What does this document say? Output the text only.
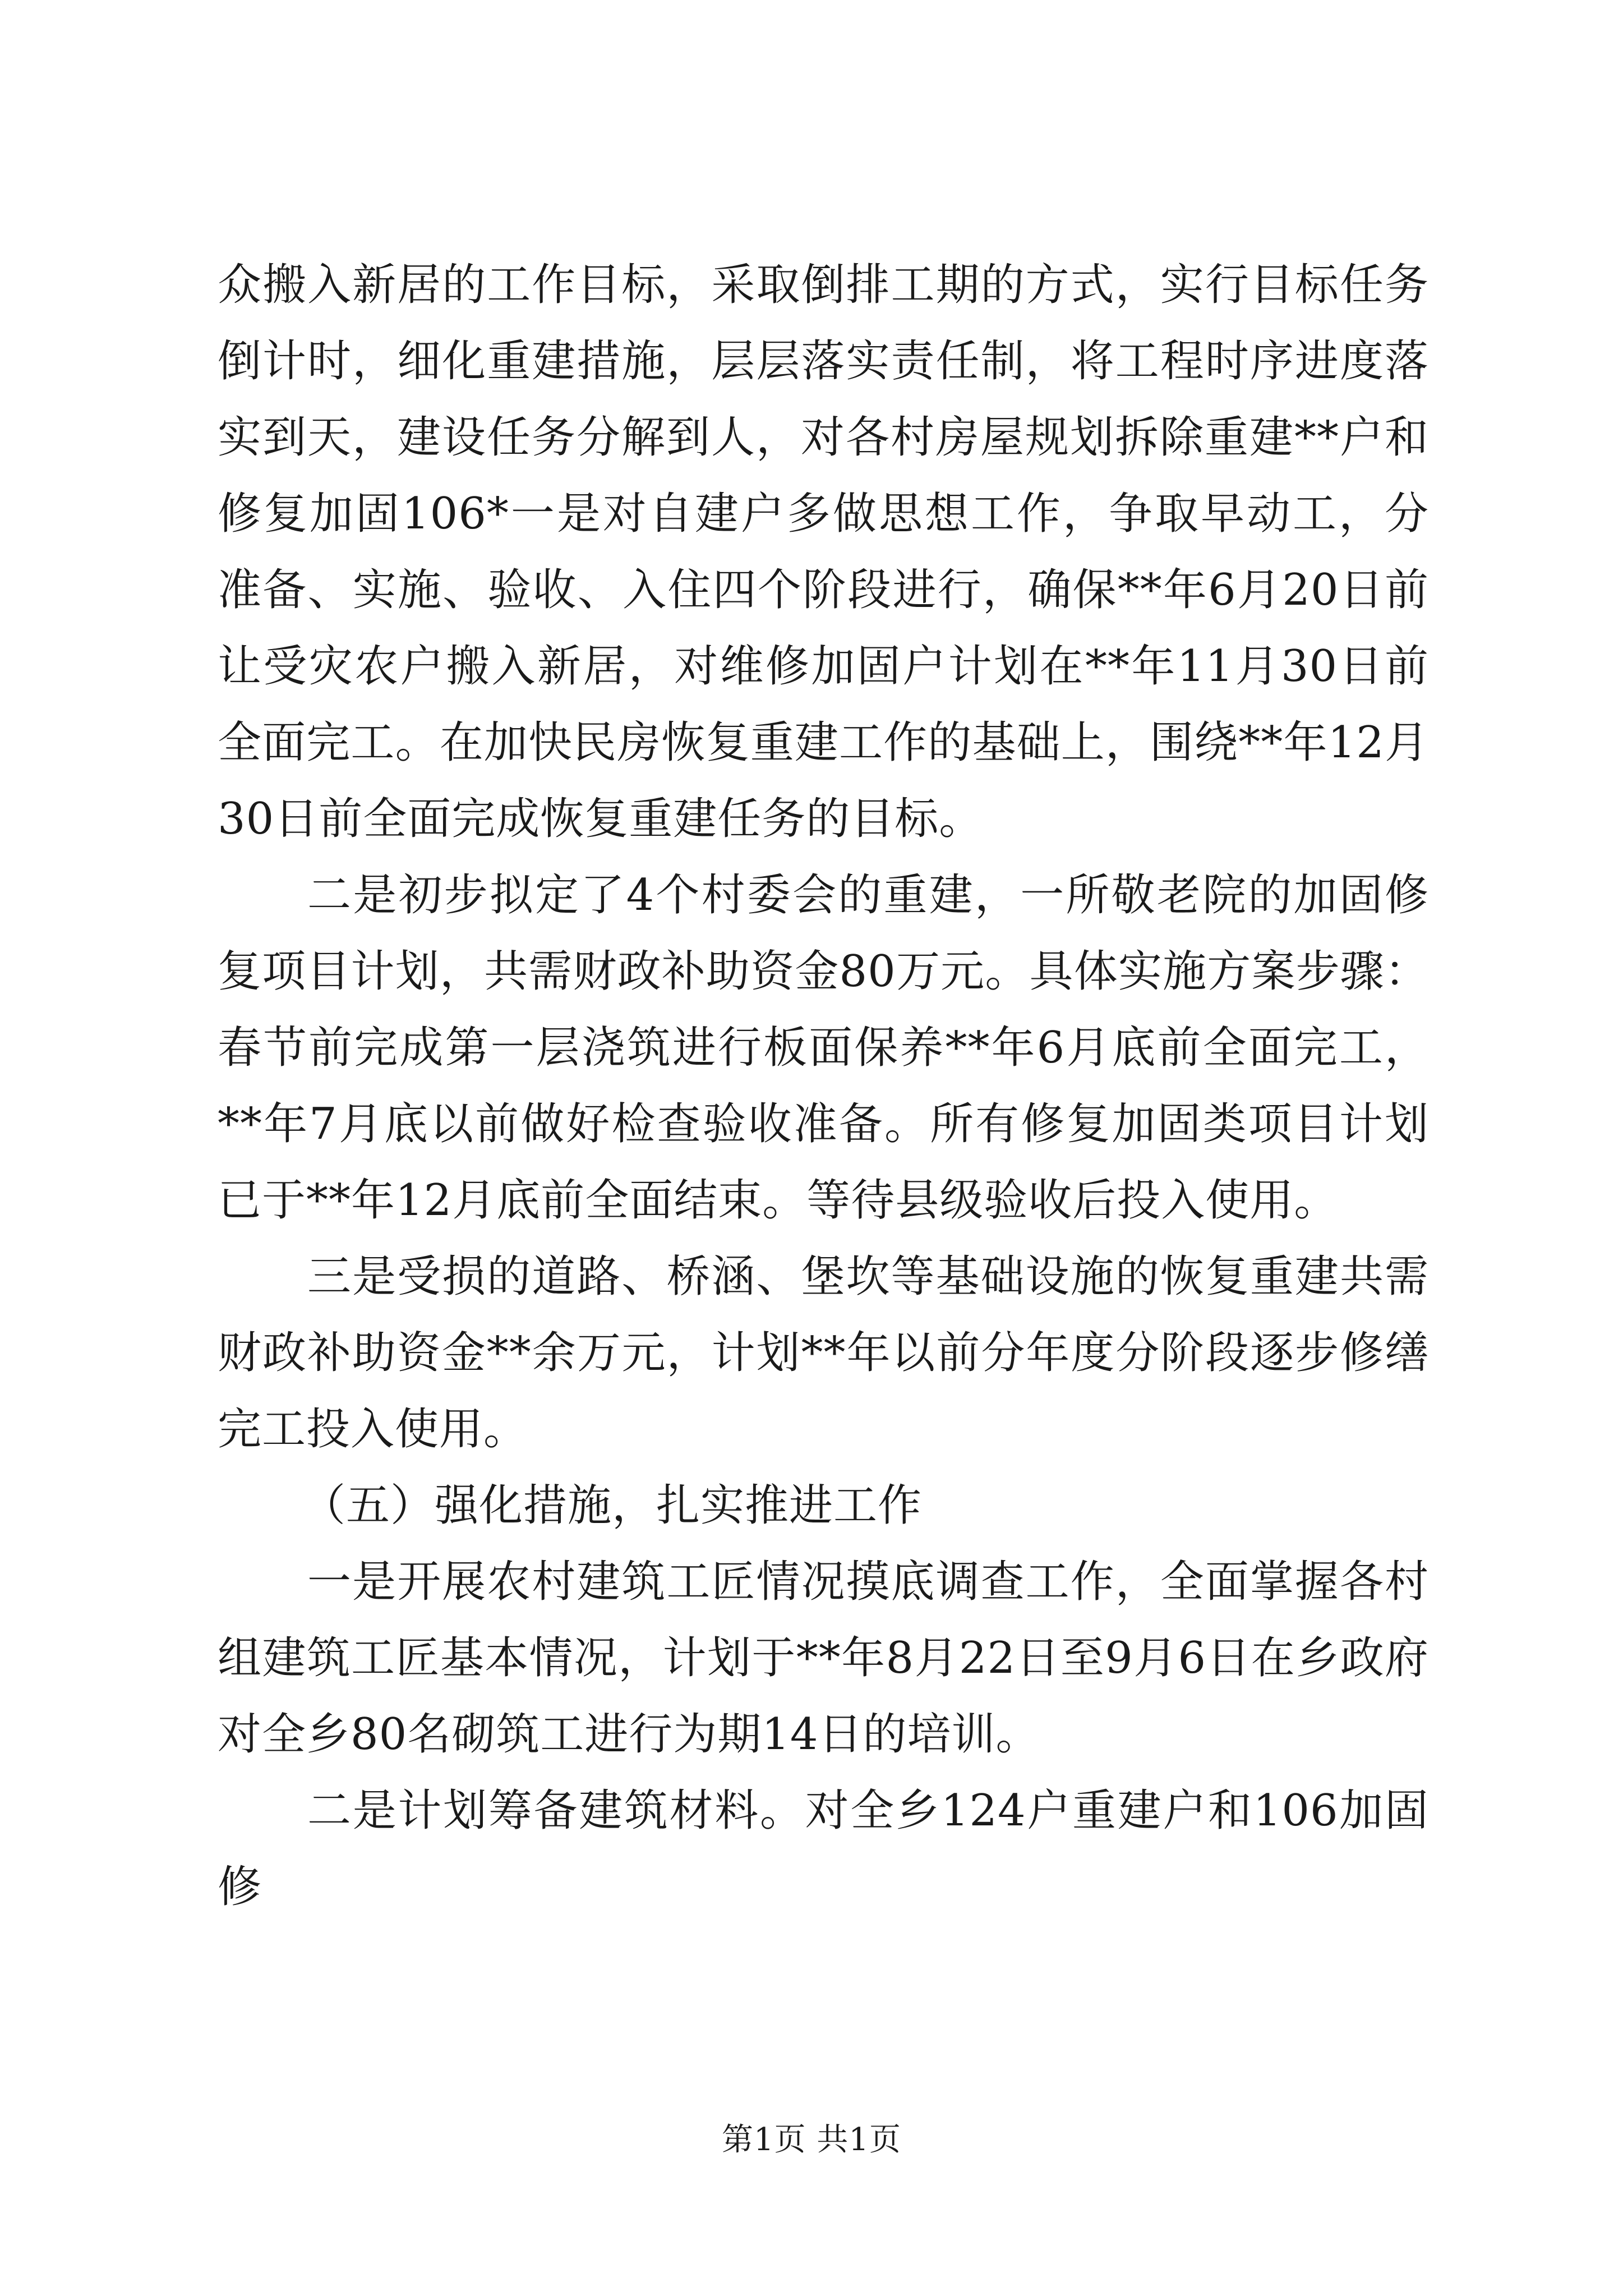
众搬入新居的工作目标，采取倒排工期的方式，实行目标任务倒计时，细化重建措施，层层落实责任制，将工程时序进度落实到天，建设任务分解到人，对各村房屋规划拆除重建**户和修复加固106*一是对自建户多做思想工作，争取早动工，分准备、实施、验收、入住四个阶段进行，确保**年6月20日前让受灾农户搬入新居，对维修加固户计划在**年11月30日前全面完工。在加快民房恢复重建工作的基础上，围绕**年12月30日前全面完成恢复重建任务的目标。

二是初步拟定了4个村委会的重建，一所敬老院的加固修复项目计划，共需财政补助资金80万元。具体实施方案步骤：春节前完成第一层浇筑进行板面保养**年6月底前全面完工，**年7月底以前做好检查验收准备。所有修复加固类项目计划已于**年12月底前全面结束。等待县级验收后投入使用。

三是受损的道路、桥涵、堡坎等基础设施的恢复重建共需财政补助资金**余万元，计划**年以前分年度分阶段逐步修缮完工投入使用。

（五）强化措施，扎实推进工作

一是开展农村建筑工匠情况摸底调查工作，全面掌握各村组建筑工匠基本情况，计划于**年8月22日至9月6日在乡政府对全乡80名砌筑工进行为期14日的培训。

二是计划筹备建筑材料。对全乡124户重建户和106加固修

第1页 共1页
